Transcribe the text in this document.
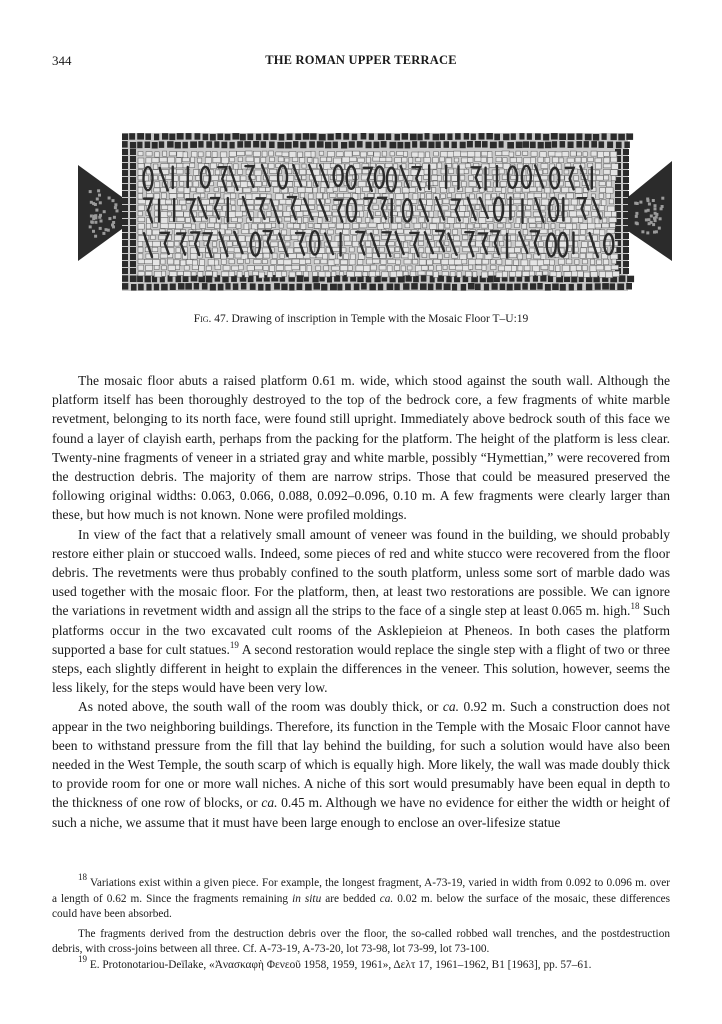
344	THE ROMAN UPPER TERRACE
Fig. 47. Drawing of inscription in Temple with the Mosaic Floor T–U:19

The mosaic floor abuts a raised platform 0.61 m. wide, which stood against the south wall. Although the platform itself has been thoroughly destroyed to the top of the bedrock core, a few fragments of white marble revetment, belonging to its north face, were found still upright. Immediately above bedrock south of this face we found a layer of clayish earth, perhaps from the packing for the platform. The height of the platform is less clear. Twenty-nine fragments of veneer in a striated gray and white marble, possibly “Hymettian,” were recovered from the destruction debris. The majority of them are narrow strips. Those that could be measured preserved the following original widths: 0.063, 0.066, 0.088, 0.092–0.096, 0.10 m. A few fragments were clearly larger than these, but how much is not known. None were profiled moldings.

In view of the fact that a relatively small amount of veneer was found in the building, we should probably restore either plain or stuccoed walls. Indeed, some pieces of red and white stucco were recovered from the floor debris. The revetments were thus probably confined to the south platform, unless some sort of marble dado was used together with the mosaic floor. For the platform, then, at least two restorations are possible. We can ignore the variations in revetment width and assign all the strips to the face of a single step at least 0.065 m. high.$^{18}$ Such platforms occur in the two excavated cult rooms of the Asklepieion at Pheneos. In both cases the platform supported a base for cult statues.$^{19}$ A second restoration would replace the single step with a flight of two or three steps, each slightly different in height to explain the differences in the veneer. This solution, however, seems the less likely, for the steps would have been very low.

As noted above, the south wall of the room was doubly thick, or ca. 0.92 m. Such a construction does not appear in the two neighboring buildings. Therefore, its function in the Temple with the Mosaic Floor cannot have been to withstand pressure from the fill that lay behind the building, for such a solution would have also been needed in the West Temple, the south scarp of which is equally high. More likely, the wall was made doubly thick to provide room for one or more wall niches. A niche of this sort would presumably have been equal in depth to the thickness of one row of blocks, or ca. 0.45 m. Although we have no evidence for either the width or height of such a niche, we assume that it must have been large enough to enclose an over-lifesize statue

$^{18}$ Variations exist within a given piece. For example, the longest fragment, A-73-19, varied in width from 0.092 to 0.096 m. over a length of 0.62 m. Since the fragments remaining in situ are bedded ca. 0.02 m. below the surface of the mosaic, these differences could have been absorbed.

The fragments derived from the destruction debris over the floor, the so-called robbed wall trenches, and the postdestruction debris, with cross-joins between all three. Cf. A-73-19, A-73-20, lot 73-98, lot 73-99, lot 73-100.

$^{19}$ E. Protonotariou-Deïlake, «Ἀνασκαφὴ Φενεοῦ 1958, 1959, 1961», Δελτ 17, 1961–1962, B1 [1963], pp. 57–61.
